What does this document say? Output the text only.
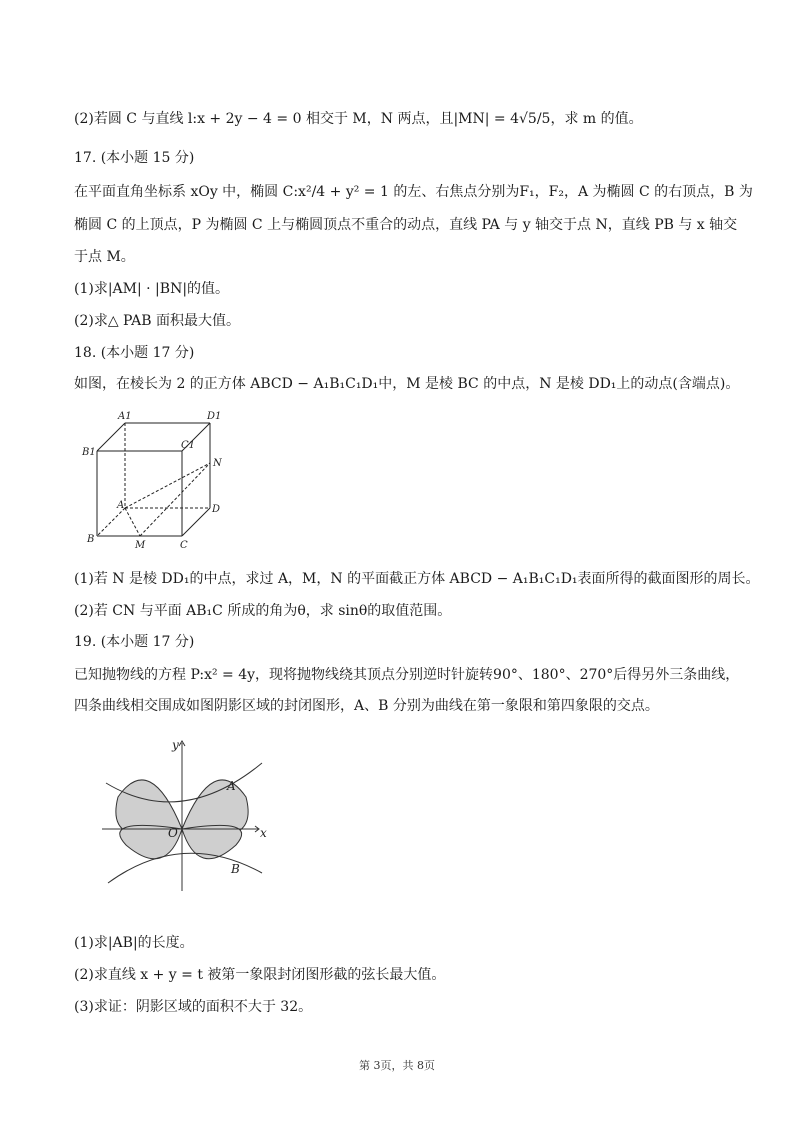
(2)若圆 C 与直线 l:x + 2y − 4 = 0 相交于 M，N 两点，且|MN| = 4√5/5，求 m 的值。
17. (本小题 15 分)
在平面直角坐标系 xOy 中，椭圆 C:x²/4 + y² = 1 的左、右焦点分别为F₁，F₂，A 为椭圆 C 的右顶点，B 为
椭圆 C 的上顶点，P 为椭圆 C 上与椭圆顶点不重合的动点，直线 PA 与 y 轴交于点 N，直线 PB 与 x 轴交
于点 M。
(1)求|AM| · |BN|的值。
(2)求△ PAB 面积最大值。
18. (本小题 17 分)
如图，在棱长为 2 的正方体 ABCD − A₁B₁C₁D₁中，M 是棱 BC 的中点，N 是棱 DD₁上的动点(含端点)。
A1	D1
B1
C1
N
A	D
B
M	C
(1)若 N 是棱 DD₁的中点，求过 A，M，N 的平面截正方体 ABCD − A₁B₁C₁D₁表面所得的截面图形的周长。
(2)若 CN 与平面 AB₁C 所成的角为θ，求 sinθ的取值范围。
19. (本小题 17 分)
已知抛物线的方程 P:x² = 4y，现将抛物线绕其顶点分别逆时针旋转90°、180°、270°后得另外三条曲线，
四条曲线相交围成如图阴影区域的封闭图形，A、B 分别为曲线在第一象限和第四象限的交点。
y
x
O
A
B
(1)求|AB|的长度。
(2)求直线 x + y = t 被第一象限封闭图形截的弦长最大值。
(3)求证：阴影区域的面积不大于 32。
第 3页，共 8页
